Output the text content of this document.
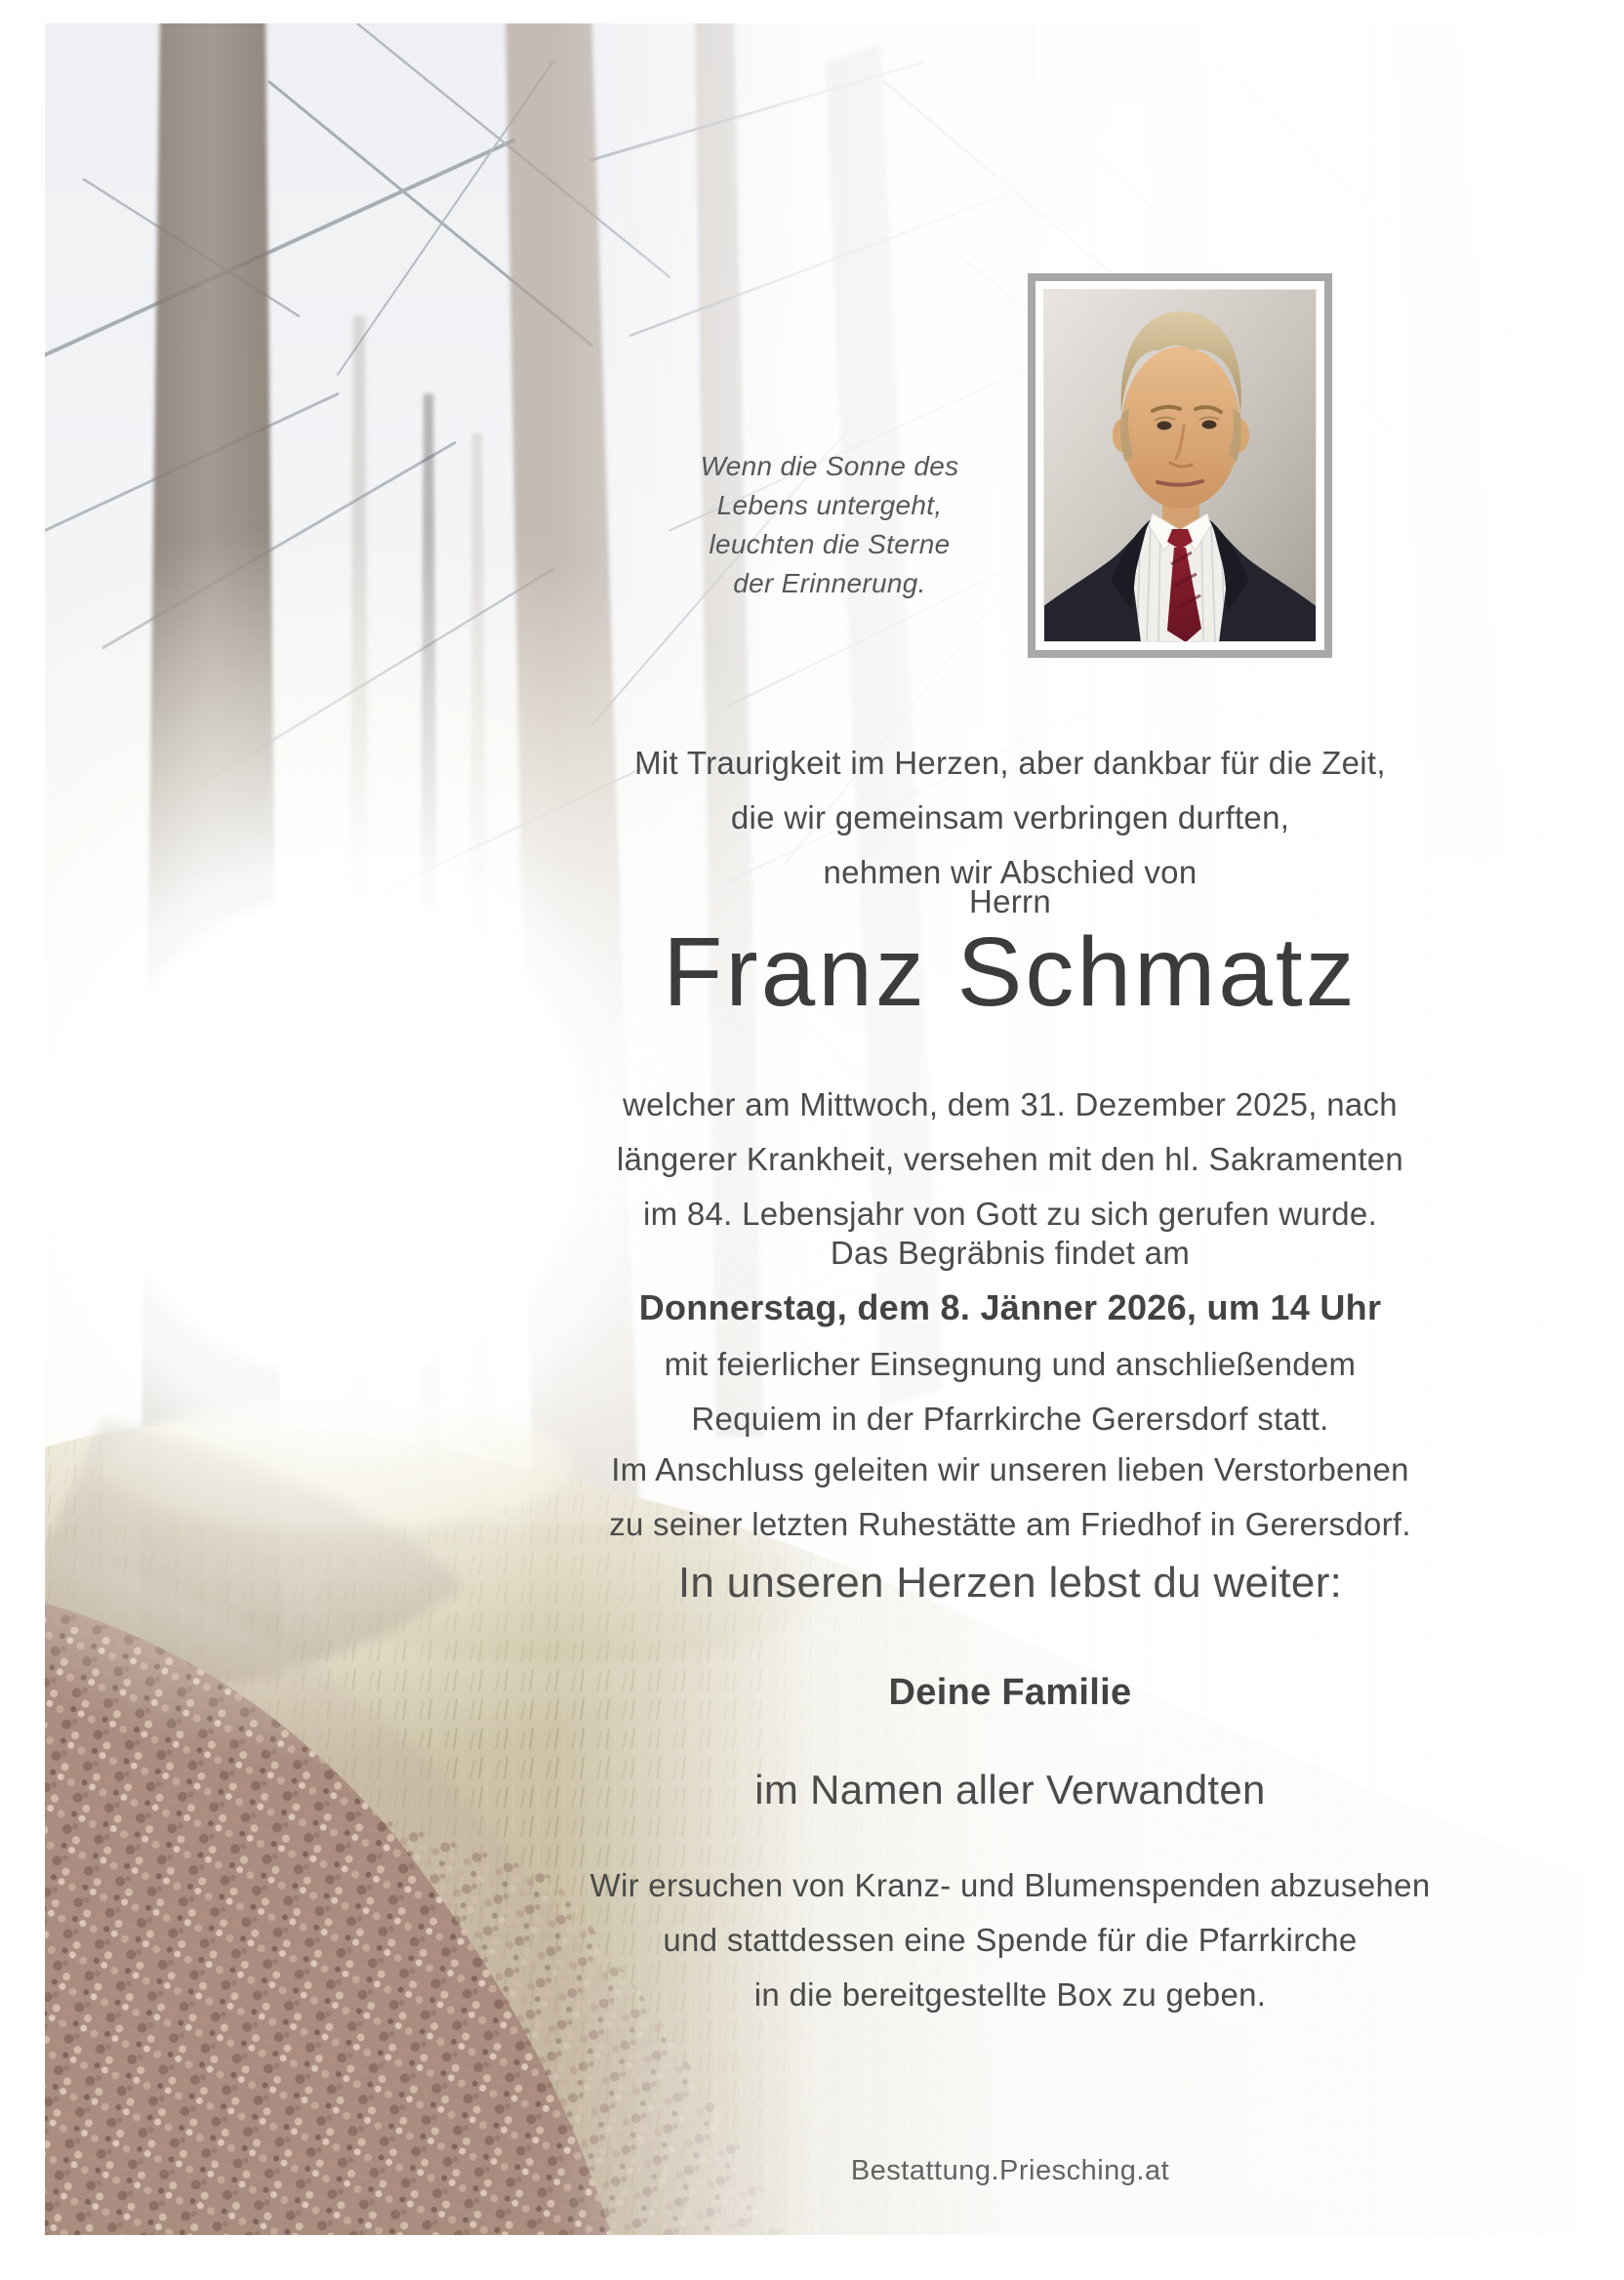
Wenn die Sonne des
Lebens untergeht,
leuchten die Sterne
der Erinnerung.
Mit Traurigkeit im Herzen, aber dankbar für die Zeit,
die wir gemeinsam verbringen durften,
nehmen wir Abschied von
Herrn
Franz Schmatz
welcher am Mittwoch, dem 31. Dezember 2025, nach
längerer Krankheit, versehen mit den hl. Sakramenten
im 84. Lebensjahr von Gott zu sich gerufen wurde.
Das Begräbnis findet am
Donnerstag, dem 8. Jänner 2026, um 14 Uhr
mit feierlicher Einsegnung und anschließendem
Requiem in der Pfarrkirche Gerersdorf statt.
Im Anschluss geleiten wir unseren lieben Verstorbenen
zu seiner letzten Ruhestätte am Friedhof in Gerersdorf.
In unseren Herzen lebst du weiter:
Deine Familie
im Namen aller Verwandten
Wir ersuchen von Kranz- und Blumenspenden abzusehen
und stattdessen eine Spende für die Pfarrkirche
in die bereitgestellte Box zu geben.
Bestattung.Priesching.at
